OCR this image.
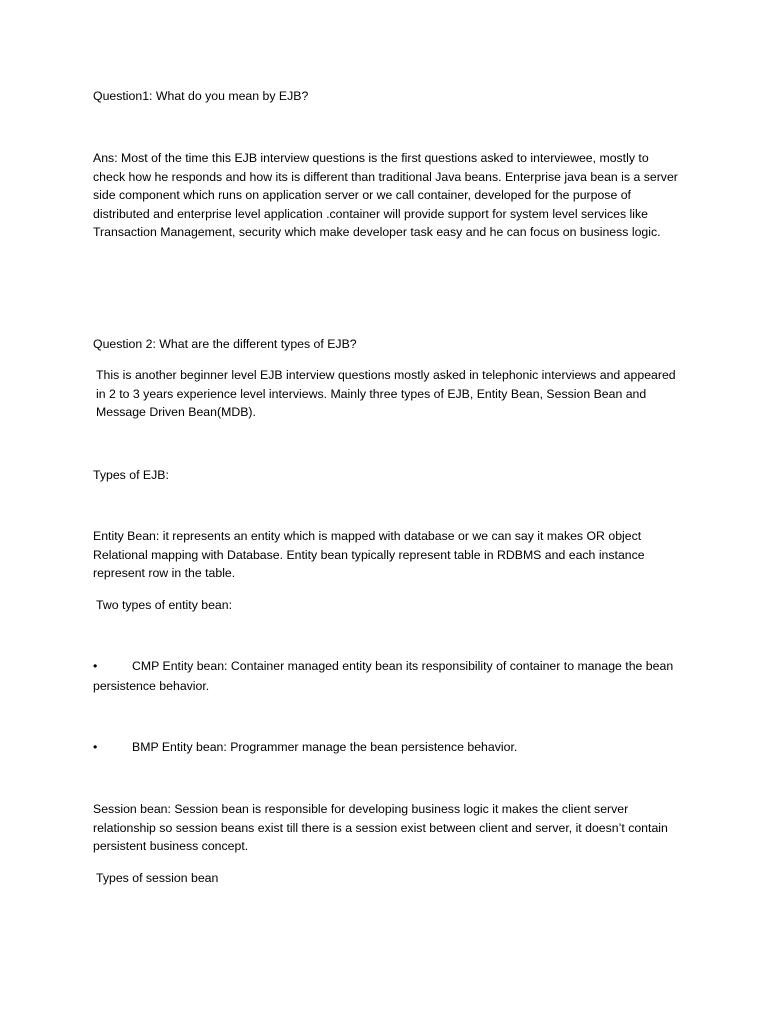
Question1: What do you mean by EJB?

Ans: Most of the time this EJB interview questions is the first questions asked to interviewee, mostly to check how he responds and how its is different than traditional Java beans. Enterprise java bean is a server side component which runs on application server or we call container, developed for the purpose of distributed and enterprise level application .container will provide support for system level services like Transaction Management, security which make developer task easy and he can focus on business logic.

Question 2: What are the different types of EJB?

This is another beginner level EJB interview questions mostly asked in telephonic interviews and appeared in 2 to 3 years experience level interviews. Mainly three types of EJB, Entity Bean, Session Bean and Message Driven Bean(MDB).

Types of EJB:

Entity Bean: it represents an entity which is mapped with database or we can say it makes OR object Relational mapping with Database. Entity bean typically represent table in RDBMS and each instance represent row in the table.

Two types of entity bean:

•	CMP Entity bean: Container managed entity bean its responsibility of container to manage the bean persistence behavior.
•	BMP Entity bean: Programmer manage the bean persistence behavior.

Session bean: Session bean is responsible for developing business logic it makes the client server relationship so session beans exist till there is a session exist between client and server, it doesn’t contain persistent business concept.

Types of session bean
